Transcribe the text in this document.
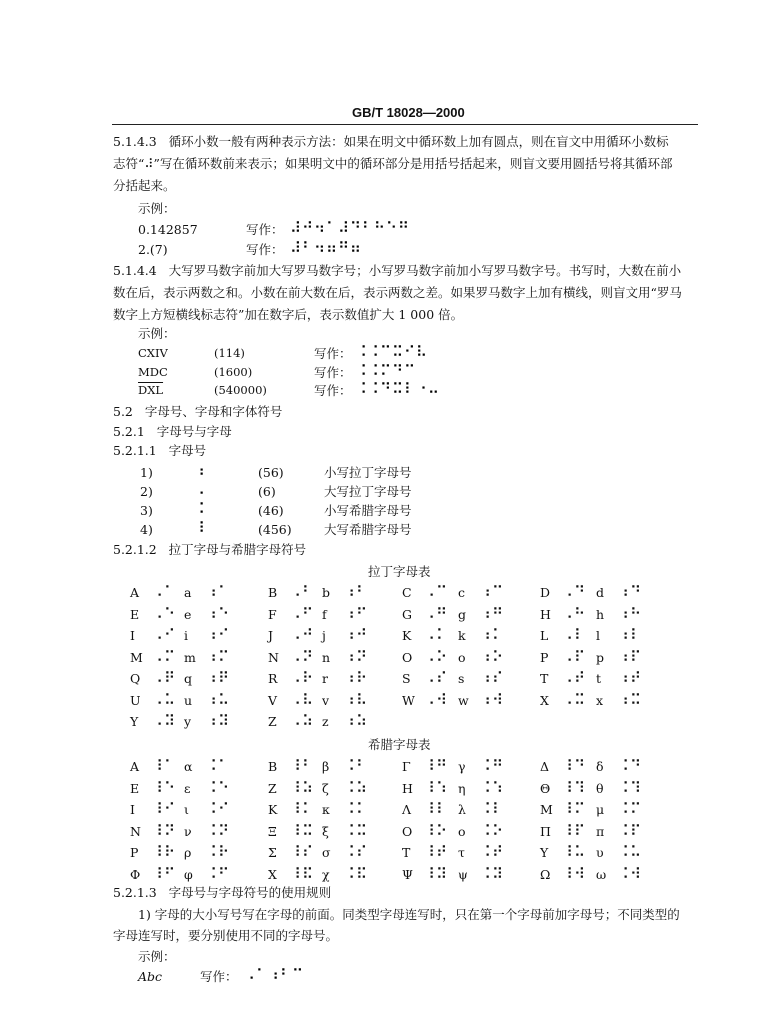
GB/T 18028—2000
5.1.4.3 循环小数一般有两种表示方法：如果在明文中循环数上加有圆点，则在盲文中用循环小数标
志符“⠼”写在循环数前来表示；如果明文中的循环部分是用括号括起来，则盲文要用圆括号将其循环部
分括起来。
示例：
0.142857	写作： ⠼⠚⠲⠁⠼⠙⠃⠓⠑⠛
2.(7)	写作： ⠼⠃⠲⠶⠛⠶
5.1.4.4 大写罗马数字前加大写罗马数字号；小写罗马数字前加小写罗马数字号。书写时，大数在前小
数在后，表示两数之和。小数在前大数在后，表示两数之差。如果罗马数字上加有横线，则盲文用“罗马
数字上方短横线标志符”加在数字后，表示数值扩大 1 000 倍。
示例：
CXIV	(114)	写作： ⠨⠨⠉⠭⠊⠧
MDC	(1600)	写作： ⠨⠨⠍⠙⠉
$\overline{DXL}$	(540000)	写作： ⠨⠨⠙⠭⠇⠐⠤
5.2 字母号、字母和字体符号
5.2.1 字母号与字母
5.2.1.1 字母号
1)	⠰	(56)	小写拉丁字母号
2)	⠠	(6)	大写拉丁字母号
3)	⠨	(46)	小写希腊字母号
4)	⠸	(456)	大写希腊字母号
5.2.1.2 拉丁字母与希腊字母符号
拉丁字母表
A ⠠⠁ a ⠰⠁	B ⠠⠃ b ⠰⠃	C ⠠⠉ c ⠰⠉	D ⠠⠙ d ⠰⠙
E ⠠⠑ e ⠰⠑	F ⠠⠋ f ⠰⠋	G ⠠⠛ g ⠰⠛	H ⠠⠓ h ⠰⠓
I ⠠⠊ i ⠰⠊	J ⠠⠚ j ⠰⠚	K ⠠⠅ k ⠰⠅	L ⠠⠇ l ⠰⠇
M ⠠⠍ m ⠰⠍	N ⠠⠝ n ⠰⠝	O ⠠⠕ o ⠰⠕	P ⠠⠏ p ⠰⠏
Q ⠠⠟ q ⠰⠟	R ⠠⠗ r ⠰⠗	S ⠠⠎ s ⠰⠎	T ⠠⠞ t ⠰⠞
U ⠠⠥ u ⠰⠥	V ⠠⠧ v ⠰⠧	W ⠠⠺ w ⠰⠺	X ⠠⠭ x ⠰⠭
Y ⠠⠽ y ⠰⠽	Z ⠠⠵ z ⠰⠵
希腊字母表
A ⠸⠁ α ⠨⠁	B ⠸⠃ β ⠨⠃	Γ ⠸⠛ γ ⠨⠛	Δ ⠸⠙ δ ⠨⠙
E ⠸⠑ ε ⠨⠑	Z ⠸⠵ ζ ⠨⠵	H ⠸⠱ η ⠨⠱	Θ ⠸⠹ θ ⠨⠹
I ⠸⠊ ι ⠨⠊	K ⠸⠅ κ ⠨⠅	Λ ⠸⠇ λ ⠨⠇	M ⠸⠍ μ ⠨⠍
N ⠸⠝ ν ⠨⠝	Ξ ⠸⠭ ξ ⠨⠭	O ⠸⠕ ο ⠨⠕	Π ⠸⠏ π ⠨⠏
P ⠸⠗ ρ ⠨⠗	Σ ⠸⠎ σ ⠨⠎	T ⠸⠞ τ ⠨⠞	Υ ⠸⠥ υ ⠨⠥
Φ ⠸⠋ φ ⠨⠋	X ⠸⠯ χ ⠨⠯	Ψ ⠸⠽ ψ ⠨⠽	Ω ⠸⠺ ω ⠨⠺
5.2.1.3 字母号与字母符号的使用规则
1) 字母的大小写号写在字母的前面。同类型字母连写时，只在第一个字母前加字母号；不同类型的
字母连写时，要分别使用不同的字母号。
示例：
Abc	写作： ⠠⠁⠰⠃⠉
